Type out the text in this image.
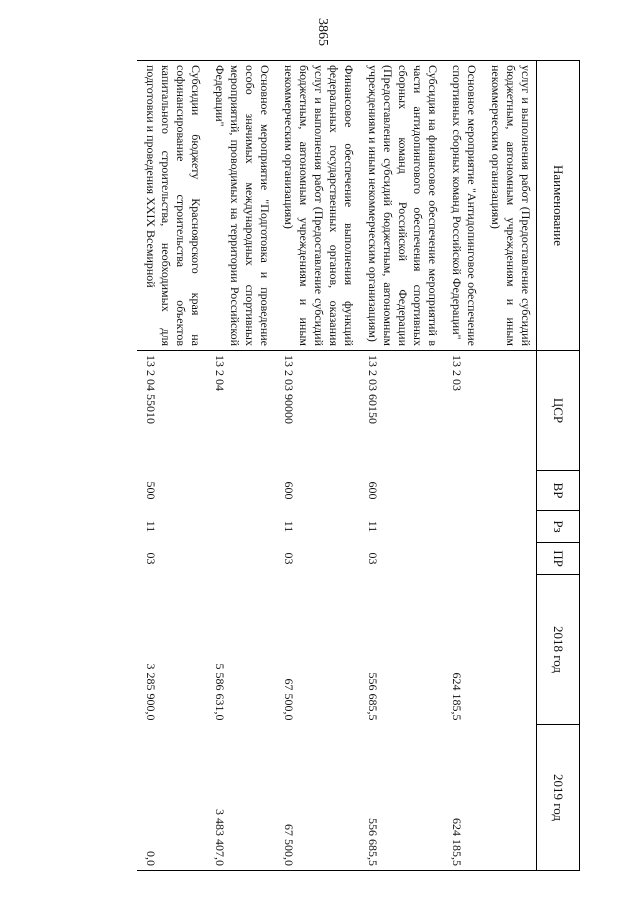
3865
Наименование	ЦСР	ВР	Рз	ПР	2018 год	2019 год
услуг и выполнения работ (Предоставление субсидий бюджетным, автономным учреждениям и иным некоммерческим организациям)						
Основное мероприятие "Антидопинговое обеспечение спортивных сборных команд Российской Федерации"	13 2 03				624 185,5	624 185,5
Субсидия на финансовое обеспечение мероприятий в части антидопингового обеспечения спортивных сборных команд Российской Федерации (Предоставление субсидий бюджетным, автономным учреждениям и иным некоммерческим организациям)	13 2 03 60150	600	11	03	556 685,5	556 685,5
Финансовое обеспечение выполнения функций федеральных государственных органов, оказания услуг и выполнения работ (Предоставление субсидий бюджетным, автономным учреждениям и иным некоммерческим организациям)	13 2 03 90000	600	11	03	67 500,0	67 500,0
Основное мероприятие "Подготовка и проведение особо значимых международных спортивных мероприятий, проводимых на территории Российской Федерации"	13 2 04				5 586 631,0	3 483 407,0
Субсидии бюджету Красноярского края на софинансирование строительства объектов капитального строительства, необходимых для подготовки и проведения XXIX Всемирной	13 2 04 55010	500	11	03	3 285 900,0	0,0
